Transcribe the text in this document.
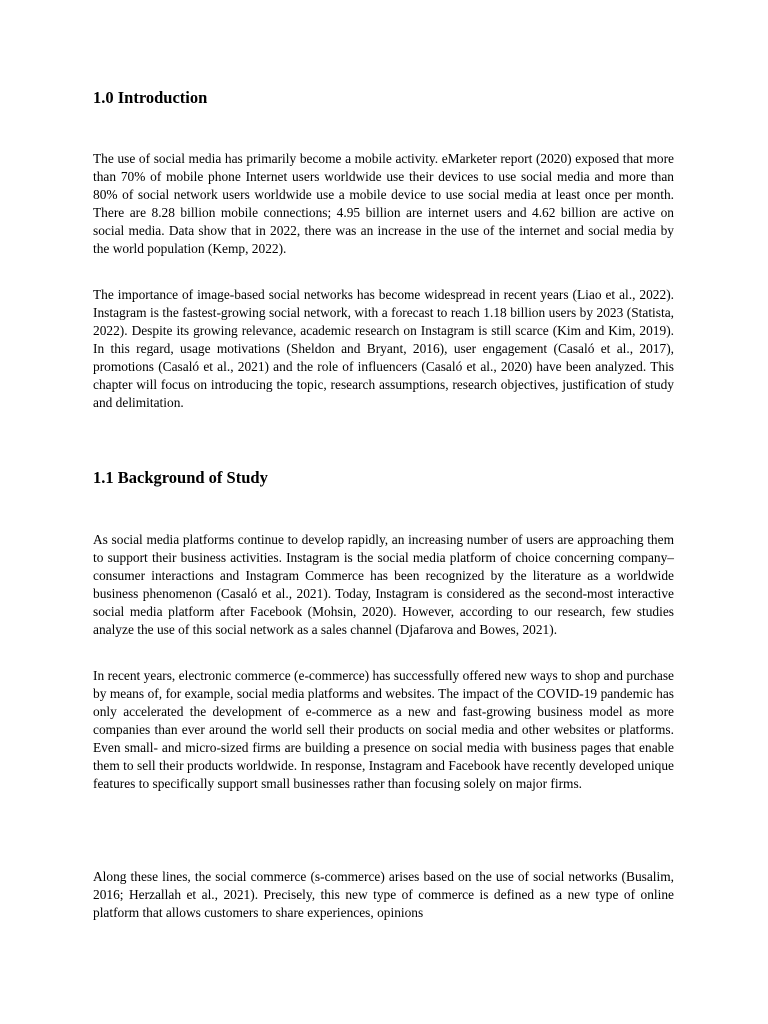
1.0 Introduction

The use of social media has primarily become a mobile activity. eMarketer report (2020) exposed that more than 70% of mobile phone Internet users worldwide use their devices to use social media and more than 80% of social network users worldwide use a mobile device to use social media at least once per month. There are 8.28 billion mobile connections; 4.95 billion are internet users and 4.62 billion are active on social media. Data show that in 2022, there was an increase in the use of the internet and social media by the world population (Kemp, 2022).

The importance of image-based social networks has become widespread in recent years (Liao et al., 2022). Instagram is the fastest-growing social network, with a forecast to reach 1.18 billion users by 2023 (Statista, 2022). Despite its growing relevance, academic research on Instagram is still scarce (Kim and Kim, 2019). In this regard, usage motivations (Sheldon and Bryant, 2016), user engagement (Casaló et al., 2017), promotions (Casaló et al., 2021) and the role of influencers (Casaló et al., 2020) have been analyzed. This chapter will focus on introducing the topic, research assumptions, research objectives, justification of study and delimitation.

1.1 Background of Study

As social media platforms continue to develop rapidly, an increasing number of users are approaching them to support their business activities. Instagram is the social media platform of choice concerning company–consumer interactions and Instagram Commerce has been recognized by the literature as a worldwide business phenomenon (Casaló et al., 2021). Today, Instagram is considered as the second-most interactive social media platform after Facebook (Mohsin, 2020). However, according to our research, few studies analyze the use of this social network as a sales channel (Djafarova and Bowes, 2021).

In recent years, electronic commerce (e-commerce) has successfully offered new ways to shop and purchase by means of, for example, social media platforms and websites. The impact of the COVID-19 pandemic has only accelerated the development of e-commerce as a new and fast-growing business model as more companies than ever around the world sell their products on social media and other websites or platforms. Even small- and micro-sized firms are building a presence on social media with business pages that enable them to sell their products worldwide. In response, Instagram and Facebook have recently developed unique features to specifically support small businesses rather than focusing solely on major firms.

Along these lines, the social commerce (s-commerce) arises based on the use of social networks (Busalim, 2016; Herzallah et al., 2021). Precisely, this new type of commerce is defined as a new type of online platform that allows customers to share experiences, opinions
